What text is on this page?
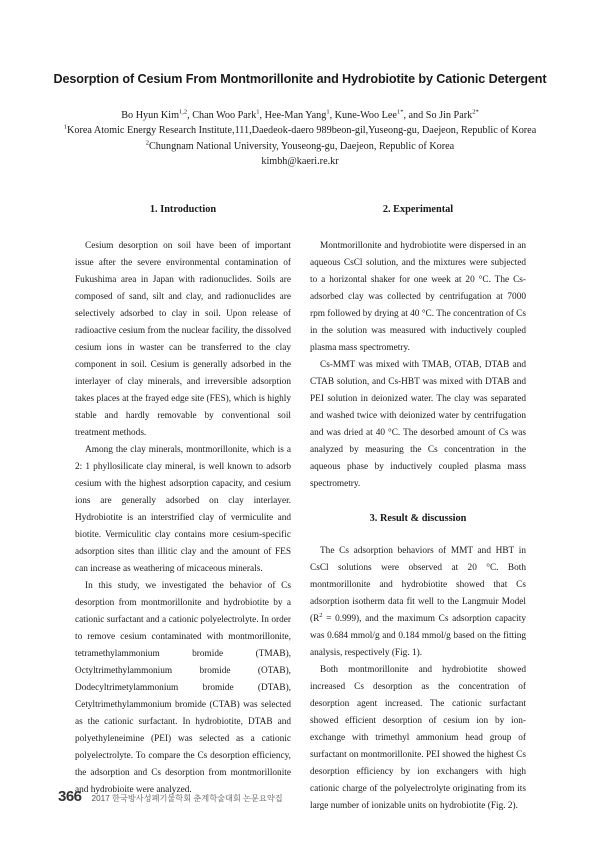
Desorption of Cesium From Montmorillonite and Hydrobiotite by Cationic Detergent
Bo Hyun Kim$^{1,2}$, Chan Woo Park$^1$, Hee-Man Yang$^1$, Kune-Woo Lee$^{1*}$, and So Jin Park$^{2*}$
$^1$Korea Atomic Energy Research Institute,111,Daedeok-daero 989beon-gil,Yuseong-gu, Daejeon, Republic of Korea
$^2$Chungnam National University, Youseong-gu, Daejeon, Republic of Korea
kimbh@kaeri.re.kr
1. Introduction

Cesium desorption on soil have been of important issue after the severe environmental contamination of Fukushima area in Japan with radionuclides. Soils are composed of sand, silt and clay, and radionuclides are selectively adsorbed to clay in soil. Upon release of radioactive cesium from the nuclear facility, the dissolved cesium ions in waster can be transferred to the clay component in soil. Cesium is generally adsorbed in the interlayer of clay minerals, and irreversible adsorption takes places at the frayed edge site (FES), which is highly stable and hardly removable by conventional soil treatment methods.

Among the clay minerals, montmorillonite, which is a 2: 1 phyllosilicate clay mineral, is well known to adsorb cesium with the highest adsorption capacity, and cesium ions are generally adsorbed on clay interlayer. Hydrobiotite is an interstrified clay of vermiculite and biotite. Vermiculitic clay contains more cesium-specific adsorption sites than illitic clay and the amount of FES can increase as weathering of micaceous minerals.

In this study, we investigated the behavior of Cs desorption from montmorillonite and hydrobiotite by a cationic surfactant and a cationic polyelectrolyte. In order to remove cesium contaminated with montmorillonite, tetramethylammonium bromide (TMAB), Octyltrimethylammonium bromide (OTAB), Dodecyltrimetylammonium bromide (DTAB), Cetyltrimethylammonium bromide (CTAB) was selected as the cationic surfactant. In hydrobiotite, DTAB and polyethyleneimine (PEI) was selected as a cationic polyelectrolyte. To compare the Cs desorption efficiency, the adsorption and Cs desorption from montmorillonite and hydrobioite were analyzed.

2. Experimental

Montmorillonite and hydrobiotite were dispersed in an aqueous CsCl solution, and the mixtures were subjected to a horizontal shaker for one week at 20 °C. The Cs-adsorbed clay was collected by centrifugation at 7000 rpm followed by drying at 40 °C. The concentration of Cs in the solution was measured with inductively coupled plasma mass spectrometry.

Cs-MMT was mixed with TMAB, OTAB, DTAB and CTAB solution, and Cs-HBT was mixed with DTAB and PEI solution in deionized water. The clay was separated and washed twice with deionized water by centrifugation and was dried at 40 °C. The desorbed amount of Cs was analyzed by measuring the Cs concentration in the aqueous phase by inductively coupled plasma mass spectrometry.

3. Result & discussion

The Cs adsorption behaviors of MMT and HBT in CsCl solutions were observed at 20 °C. Both montmorillonite and hydrobiotite showed that Cs adsorption isotherm data fit well to the Langmuir Model $(R^2 = 0.999)$, and the maximum Cs adsorption capacity was 0.684 mmol/g and 0.184 mmol/g based on the fitting analysis, respectively (Fig. 1).

Both montmorillonite and hydrobiotite showed increased Cs desorption as the concentration of desorption agent increased. The cationic surfactant showed efficient desorption of cesium ion by ion-exchange with trimethyl ammonium head group of surfactant on montmorillonite. PEI showed the highest Cs desorption efficiency by ion exchangers with high cationic charge of the polyelectrolyte originating from its large number of ionizable units on hydrobiotite (Fig. 2).

366 2017 한국방사성폐기물학회 춘계학술대회 논문요약집
